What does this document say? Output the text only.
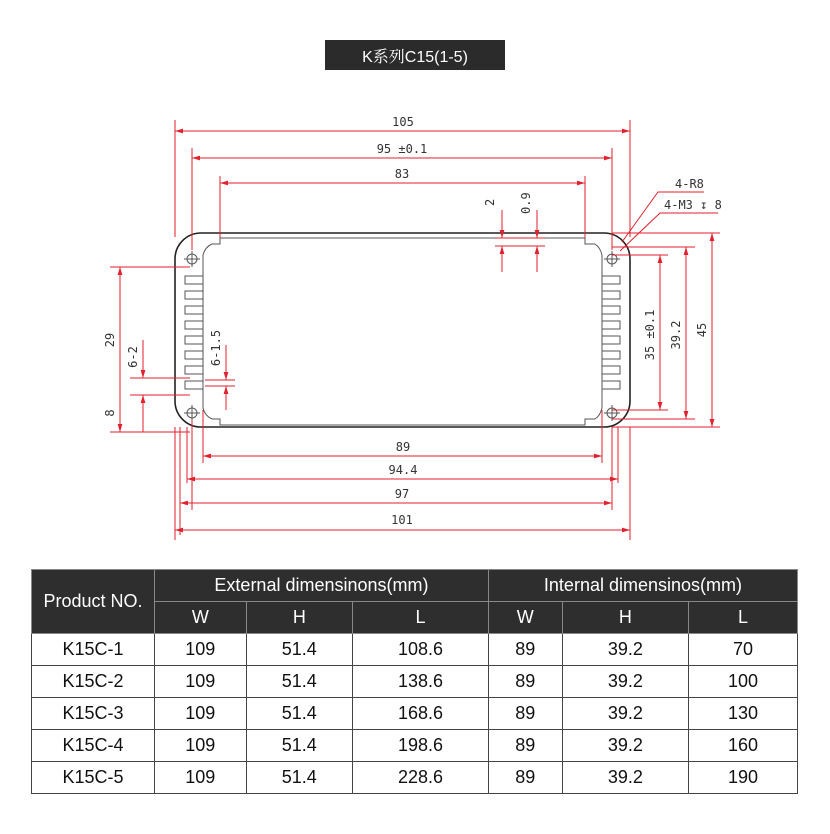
K系列C15(1-5)
105
95 ±0.1
83
89
94.4
97
101
4-R8
4-M3 ↧ 8
2 0.9
45
39.2
35 ±0.1
29
6-2
8
6-1.5
Product NO.	External dimensinons(mm)			Internal dimensinos(mm)		
	W	H	L	W	H	L
K15C-1	109	51.4	108.6	89	39.2	70
K15C-2	109	51.4	138.6	89	39.2	100
K15C-3	109	51.4	168.6	89	39.2	130
K15C-4	109	51.4	198.6	89	39.2	160
K15C-5	109	51.4	228.6	89	39.2	190
